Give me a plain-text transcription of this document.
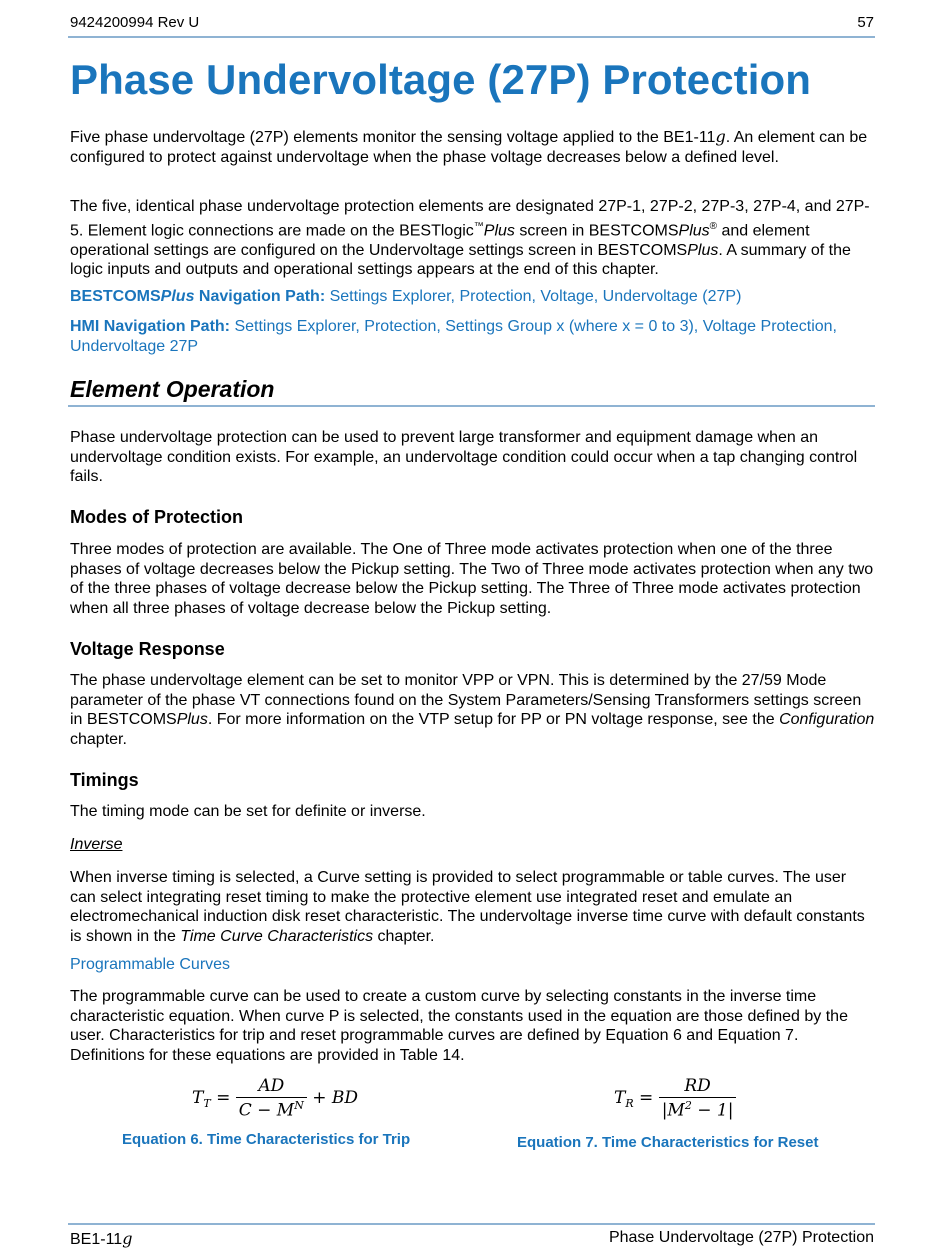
9424200994 Rev U	57
Phase Undervoltage (27P) Protection

Five phase undervoltage (27P) elements monitor the sensing voltage applied to the BE1-11g. An element can be configured to protect against undervoltage when the phase voltage decreases below a defined level.

The five, identical phase undervoltage protection elements are designated 27P-1, 27P-2, 27P-3, 27P-4, and 27P-5. Element logic connections are made on the BESTlogic™Plus screen in BESTCOMSPlus® and element operational settings are configured on the Undervoltage settings screen in BESTCOMSPlus. A summary of the logic inputs and outputs and operational settings appears at the end of this chapter.

BESTCOMSPlus Navigation Path: Settings Explorer, Protection, Voltage, Undervoltage (27P)

HMI Navigation Path: Settings Explorer, Protection, Settings Group x (where x = 0 to 3), Voltage Protection, Undervoltage 27P

Element Operation

Phase undervoltage protection can be used to prevent large transformer and equipment damage when an undervoltage condition exists. For example, an undervoltage condition could occur when a tap changing control fails.

Modes of Protection

Three modes of protection are available. The One of Three mode activates protection when one of the three phases of voltage decreases below the Pickup setting. The Two of Three mode activates protection when any two of the three phases of voltage decrease below the Pickup setting. The Three of Three mode activates protection when all three phases of voltage decrease below the Pickup setting.

Voltage Response

The phase undervoltage element can be set to monitor VPP or VPN. This is determined by the 27/59 Mode parameter of the phase VT connections found on the System Parameters/Sensing Transformers settings screen in BESTCOMSPlus. For more information on the VTP setup for PP or PN voltage response, see the Configuration chapter.

Timings

The timing mode can be set for definite or inverse.

Inverse

When inverse timing is selected, a Curve setting is provided to select programmable or table curves. The user can select integrating reset timing to make the protective element use integrated reset and emulate an electromechanical induction disk reset characteristic. The undervoltage inverse time curve with default constants is shown in the Time Curve Characteristics chapter.

Programmable Curves

The programmable curve can be used to create a custom curve by selecting constants in the inverse time characteristic equation. When curve P is selected, the constants used in the equation are those defined by the user. Characteristics for trip and reset programmable curves are defined by Equation 6 and Equation 7. Definitions for these equations are provided in Table 14.

$T_T = \frac{AD}{C - M^N}$ + BD
Equation 6. Time Characteristics for Trip
$T_R = \frac{RD}{|M^2 - 1|}$
Equation 7. Time Characteristics for Reset
BE1-11g	Phase Undervoltage (27P) Protection
